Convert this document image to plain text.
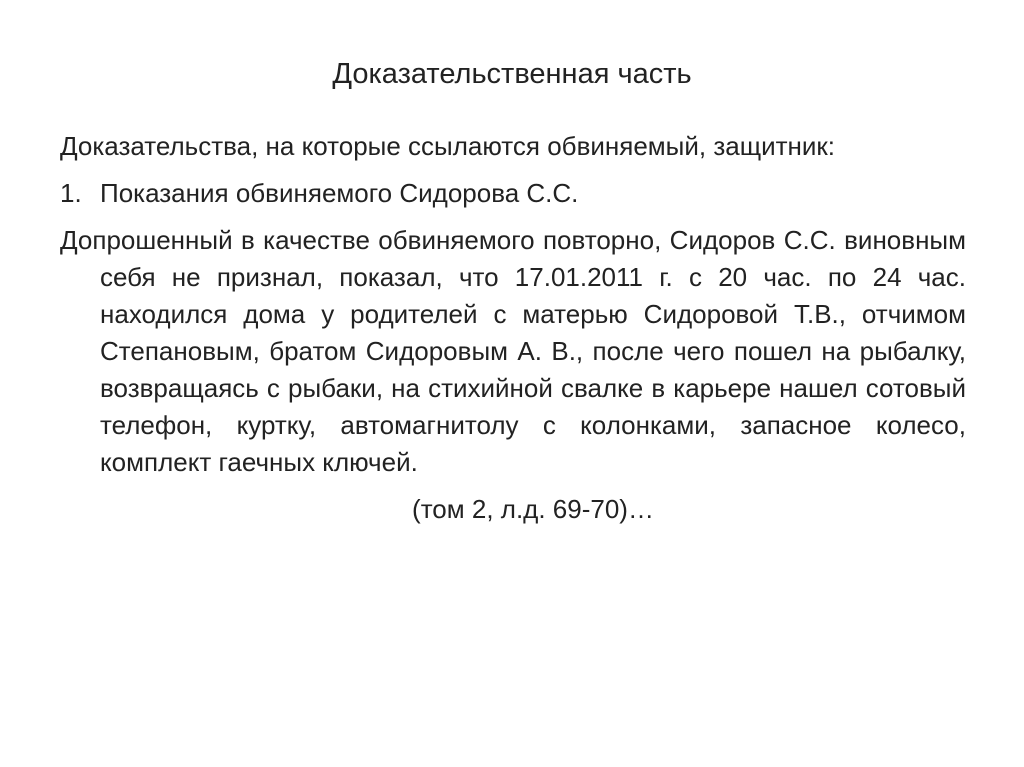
Доказательственная часть

Доказательства, на которые ссылаются обвиняемый, защитник:

1. Показания обвиняемого Сидорова С.С.

Допрошенный в качестве обвиняемого повторно, Сидоров С.С. виновным себя не признал, показал, что 17.01.2011 г. с 20 час. по 24 час. находился дома у родителей с матерью Сидоровой Т.В., отчимом Степановым, братом Сидоровым А. В., после чего пошел на рыбалку, возвращаясь с рыбаки, на стихийной свалке в карьере нашел сотовый телефон, куртку, автомагнитолу с колонками, запасное колесо, комплект гаечных ключей.

(том 2, л.д. 69-70)…
